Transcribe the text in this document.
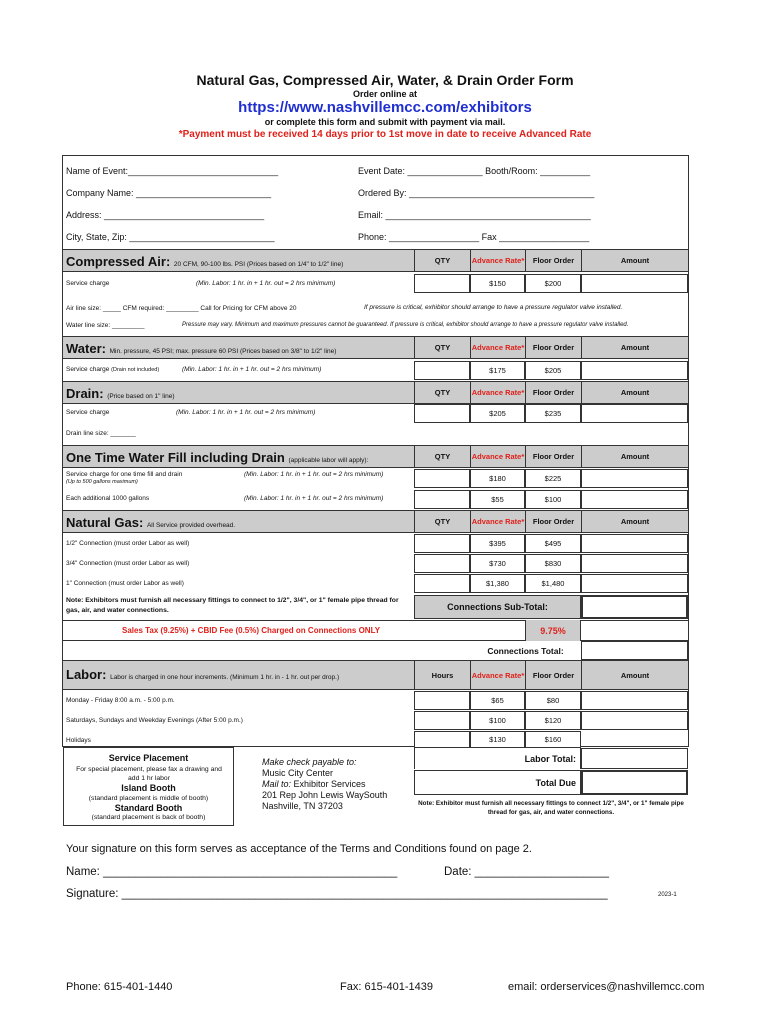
Natural Gas, Compressed Air, Water, & Drain Order Form
Order online at
https://www.nashvillemcc.com/exhibitors
or complete this form and submit with payment via mail.
*Payment must be received 14 days prior to 1st move in date to receive Advanced Rate
Name of Event:______________________________	Event Date: _______________ Booth/Room: __________
Company Name: ___________________________	Ordered By: _____________________________________
Address: ________________________________	Email: _________________________________________
City, State, Zip: _____________________________	Phone: __________________ Fax __________________
Compressed Air: 20 CFM, 90-100 lbs. PSI (Prices based on 1/4" to 1/2" line)	QTY	Advance Rate*	Floor Order	Amount
Service charge	(Min. Labor: 1 hr. in + 1 hr. out = 2 hrs minimum)	$150	$200
Air line size: _____ CFM required: _________ Call for Pricing for CFM above 20	If pressure is critical, exhibitor should arrange to have a pressure regulator valve installed.
Water line size: _________	Pressure may vary. Minimum and maximum pressures cannot be guaranteed. If pressure is critical, exhibitor should arrange to have a pressure regulator valve installed.
Water: Min. pressure, 45 PSI; max. pressure 60 PSI (Prices based on 3/8" to 1/2" line)	QTY	Advance Rate*	Floor Order	Amount
Service charge (Drain not included)	(Min. Labor: 1 hr. in + 1 hr. out = 2 hrs minimum)	$175	$205
Drain: (Price based on 1" line)	QTY	Advance Rate*	Floor Order	Amount
Service charge	(Min. Labor: 1 hr. in + 1 hr. out = 2 hrs minimum)	$205	$235
Drain line size: _______
One Time Water Fill including Drain (applicable labor will apply):	QTY	Advance Rate*	Floor Order	Amount
Service charge for one time fill and drain
(Up to 500 gallons maximum)
(Min. Labor: 1 hr. in + 1 hr. out = 2 hrs minimum)	$180	$225
Each additional 1000 gallons	(Min. Labor: 1 hr. in + 1 hr. out = 2 hrs minimum)	$55	$100
Natural Gas: All Service provided overhead.	QTY	Advance Rate*	Floor Order	Amount
1/2" Connection (must order Labor as well)	$395	$495
3/4" Connection (must order Labor as well)	$730	$830
1" Connection (must order Labor as well)	$1,380	$1,480
Note: Exhibitors must furnish all necessary fittings to connect to 1/2", 3/4", or 1" female pipe thread for gas, air, and water connections.	Connections Sub-Total:
Sales Tax (9.25%) + CBID Fee (0.5%) Charged on Connections ONLY	9.75%
Connections Total:
Labor: Labor is charged in one hour increments. (Minimum 1 hr. in - 1 hr. out per drop.)	Hours	Advance Rate*	Floor Order	Amount
Monday - Friday 8:00 a.m. - 5:00 p.m.	$65	$80
Saturdays, Sundays and Weekday Evenings (After 5:00 p.m.)	$100	$120
Holidays	$130	$160
Service Placement
For special placement, please fax a drawing and add 1 hr labor
Island Booth
(standard placement is middle of booth)
Standard Booth
(standard placement is back of booth)
Make check payable to:
Music City Center
Mail to: Exhibitor Services
201 Rep John Lewis WaySouth
Nashville, TN 37203
Labor Total:
Total Due
Note: Exhibitor must furnish all necessary fittings to connect 1/2", 3/4", or 1" female pipe thread for gas, air, and water connections.
Your signature on this form serves as acceptance of the Terms and Conditions found on page 2.
Name: ______________________________________________	Date: _____________________
Signature: ____________________________________________________________________________	2023-1
Phone: 615-401-1440	Fax: 615-401-1439	email: orderservices@nashvillemcc.com
